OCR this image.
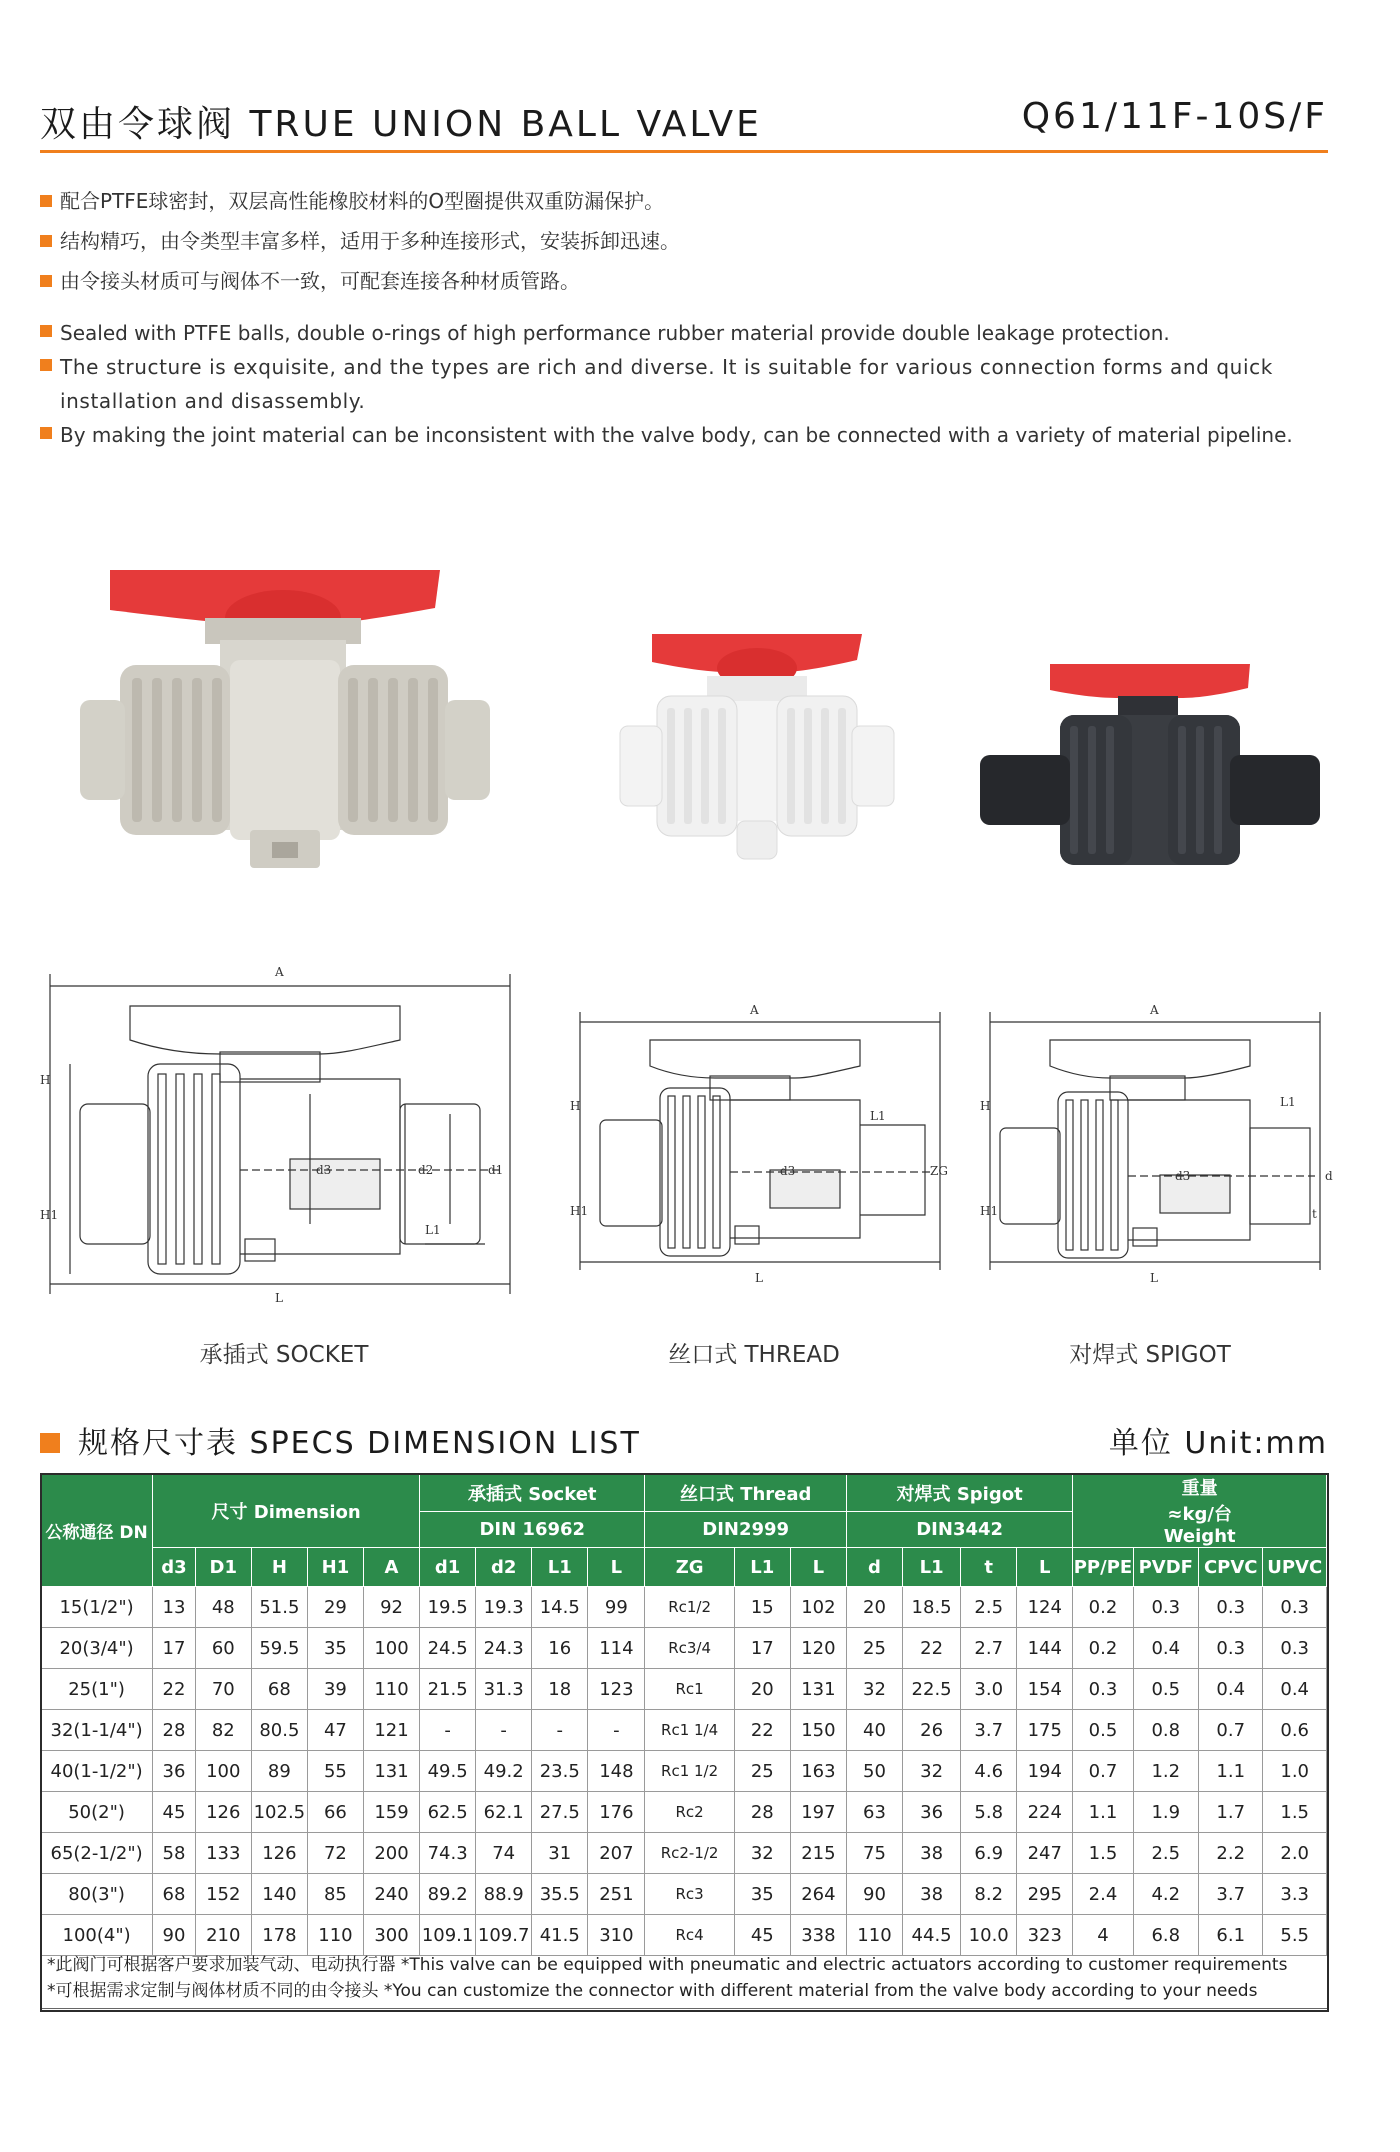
双由令球阀 TRUE UNION BALL VALVE	Q61/11F-10S/F
配合PTFE球密封，双层高性能橡胶材料的O型圈提供双重防漏保护。
结构精巧，由令类型丰富多样，适用于多种连接形式，安装拆卸迅速。
由令接头材质可与阀体不一致，可配套连接各种材质管路。
Sealed with PTFE balls, double o-rings of high performance rubber material provide double leakage protection.
The structure is exquisite, and the types are rich and diverse. It is suitable for various connection forms and quick installation and disassembly.
By making the joint material can be inconsistent with the valve body, can be connected with a variety of material pipeline.
A
H
H1
L
L1
d1
d2
d3
A
H
H1
L
L1
ZG
d3
A
H
H1
L
L1
d
t
d3
承插式 SOCKET	丝口式 THREAD	对焊式 SPIGOT
规格尺寸表 SPECS DIMENSION LIST	单位 Unit:mm
公称通径 DN	尺寸 Dimension					承插式 Socket				丝口式 Thread			对焊式 Spigot				重量 ≈kg/台 Weight			
						DIN 16962				DIN2999			DIN3442							
	d3	D1	H	H1	A	d1	d2	L1	L	ZG	L1	L	d	L1	t	L	PP/PE	PVDF	CPVC	UPVC
15(1/2")	13	48	51.5	29	92	19.5	19.3	14.5	99	Rc1/2	15	102	20	18.5	2.5	124	0.2	0.3	0.3	0.3
20(3/4")	17	60	59.5	35	100	24.5	24.3	16	114	Rc3/4	17	120	25	22	2.7	144	0.2	0.4	0.3	0.3
25(1")	22	70	68	39	110	21.5	31.3	18	123	Rc1	20	131	32	22.5	3.0	154	0.3	0.5	0.4	0.4
32(1-1/4")	28	82	80.5	47	121	-	-	-	-	Rc1 1/4	22	150	40	26	3.7	175	0.5	0.8	0.7	0.6
40(1-1/2")	36	100	89	55	131	49.5	49.2	23.5	148	Rc1 1/2	25	163	50	32	4.6	194	0.7	1.2	1.1	1.0
50(2")	45	126	102.5	66	159	62.5	62.1	27.5	176	Rc2	28	197	63	36	5.8	224	1.1	1.9	1.7	1.5
65(2-1/2")	58	133	126	72	200	74.3	74	31	207	Rc2-1/2	32	215	75	38	6.9	247	1.5	2.5	2.2	2.0
80(3")	68	152	140	85	240	89.2	88.9	35.5	251	Rc3	35	264	90	38	8.2	295	2.4	4.2	3.7	3.3
100(4")	90	210	178	110	300	109.1	109.7	41.5	310	Rc4	45	338	110	44.5	10.0	323	4	6.8	6.1	5.5
*此阀门可根据客户要求加装气动、电动执行器 *This valve can be equipped with pneumatic and electric actuators according to customer requirements
*可根据需求定制与阀体材质不同的由令接头 *You can customize the connector with different material from the valve body according to your needs
